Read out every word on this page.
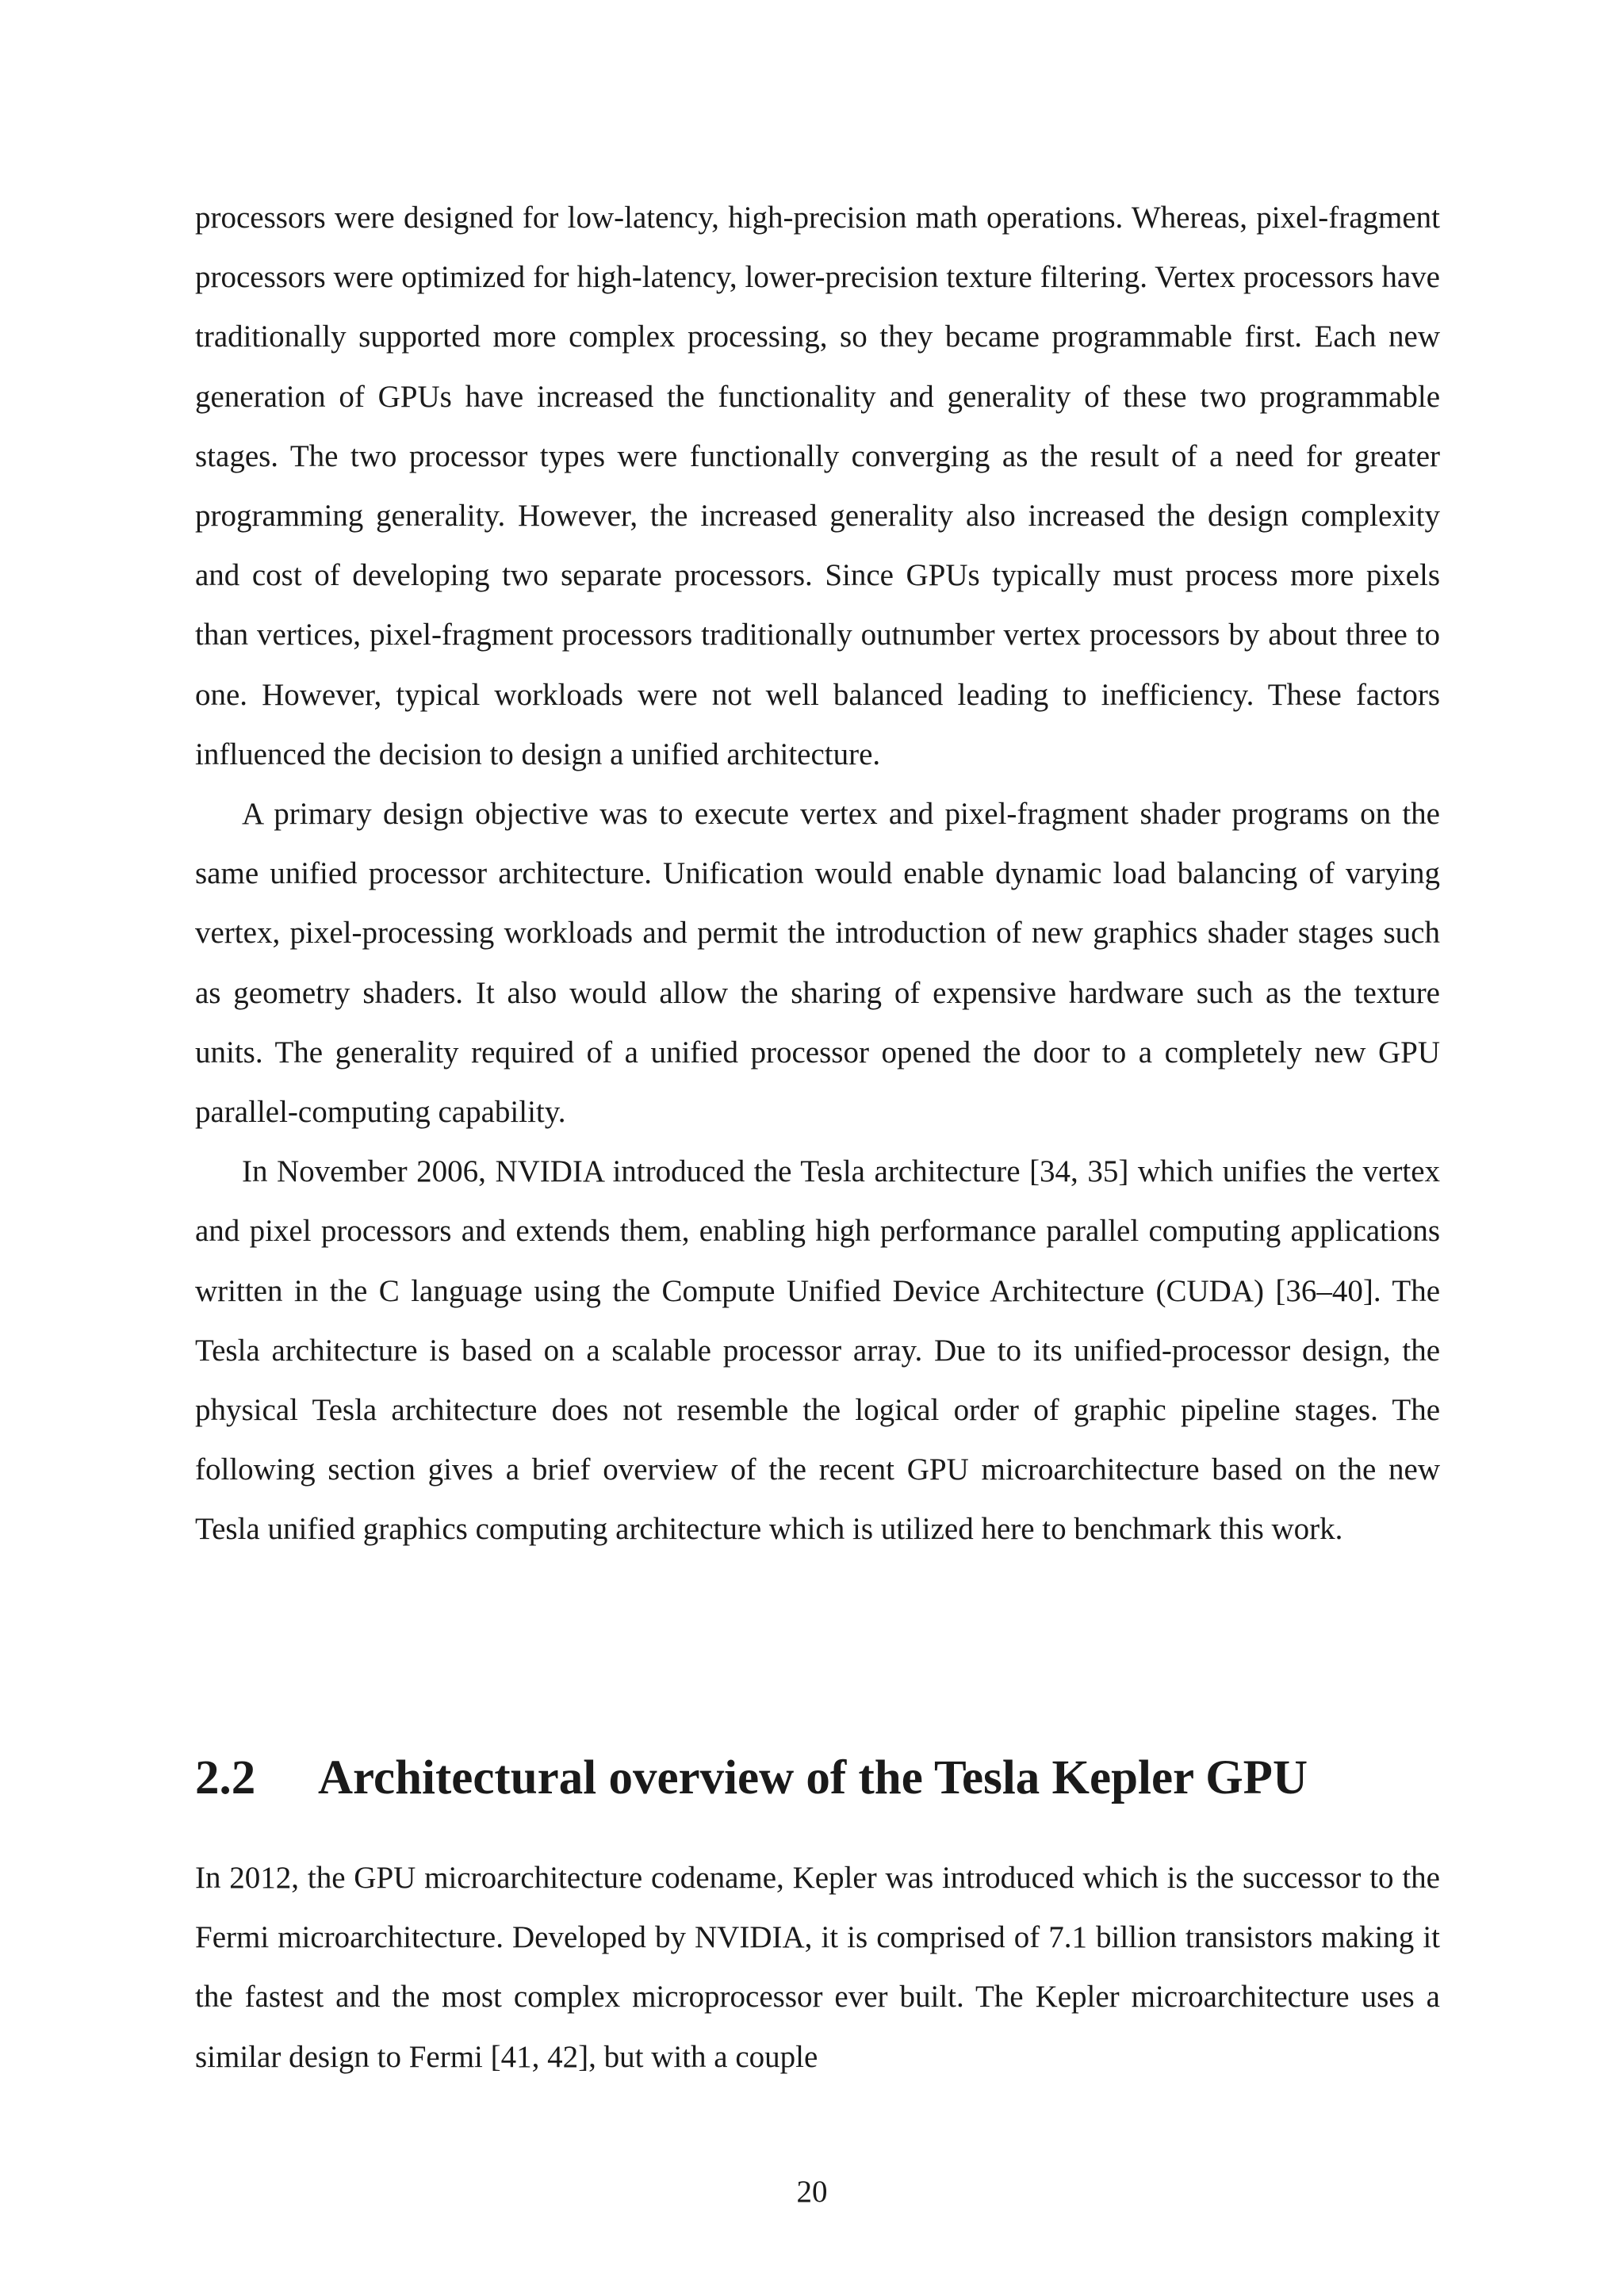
processors were designed for low-latency, high-precision math operations. Whereas, pixel-fragment processors were optimized for high-latency, lower-precision texture filtering. Vertex processors have traditionally supported more complex processing, so they became programmable first. Each new generation of GPUs have increased the functionality and generality of these two programmable stages. The two processor types were functionally converging as the result of a need for greater programming generality. However, the increased generality also increased the design complexity and cost of developing two separate processors. Since GPUs typically must process more pixels than vertices, pixel-fragment processors traditionally outnumber vertex processors by about three to one. However, typical workloads were not well balanced leading to inefficiency. These factors influenced the decision to design a unified architecture.

A primary design objective was to execute vertex and pixel-fragment shader programs on the same unified processor architecture. Unification would enable dynamic load balancing of varying vertex, pixel-processing workloads and permit the introduction of new graphics shader stages such as geometry shaders. It also would allow the sharing of expensive hardware such as the texture units. The generality required of a unified processor opened the door to a completely new GPU parallel-computing capability.

In November 2006, NVIDIA introduced the Tesla architecture [34, 35] which unifies the vertex and pixel processors and extends them, enabling high performance parallel computing applications written in the C language using the Compute Unified Device Architecture (CUDA) [36–40]. The Tesla architecture is based on a scalable processor array. Due to its unified-processor design, the physical Tesla architecture does not resemble the logical order of graphic pipeline stages. The following section gives a brief overview of the recent GPU microarchitecture based on the new Tesla unified graphics computing architecture which is utilized here to benchmark this work.

2.2 Architectural overview of the Tesla Kepler GPU

In 2012, the GPU microarchitecture codename, Kepler was introduced which is the successor to the Fermi microarchitecture. Developed by NVIDIA, it is comprised of 7.1 billion transistors making it the fastest and the most complex microprocessor ever built. The Kepler microarchitecture uses a similar design to Fermi [41, 42], but with a couple

20
